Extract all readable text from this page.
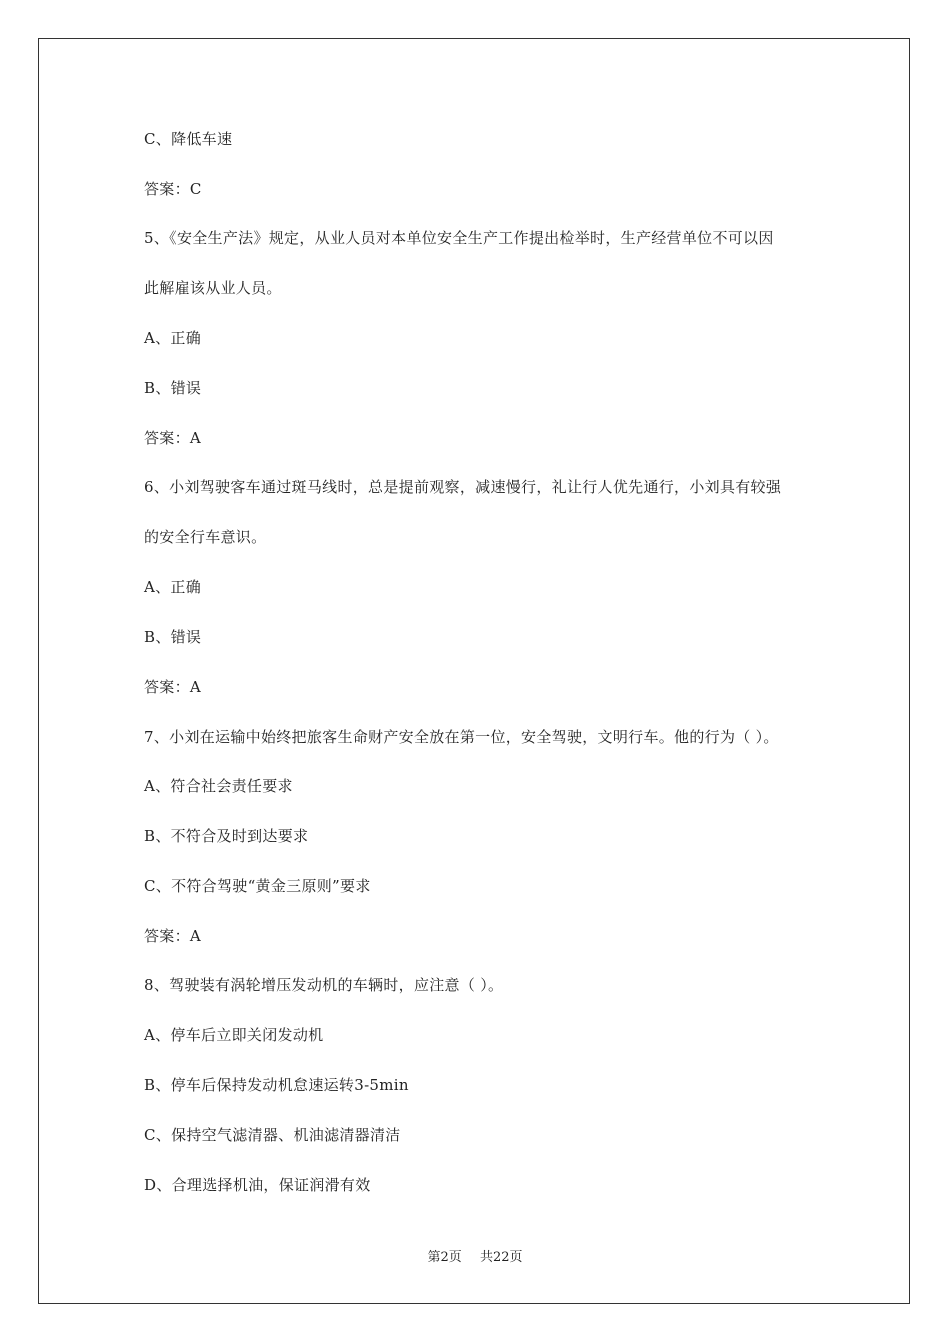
C、降低车速
答案：C
5、《安全生产法》规定，从业人员对本单位安全生产工作提出检举时，生产经营单位不可以因
此解雇该从业人员。
A、正确
B、错误
答案：A
6、小刘驾驶客车通过斑马线时，总是提前观察，减速慢行，礼让行人优先通行，小刘具有较强
的安全行车意识。
A、正确
B、错误
答案：A
7、小刘在运输中始终把旅客生命财产安全放在第一位，安全驾驶，文明行车。他的行为（ ）。
A、符合社会责任要求
B、不符合及时到达要求
C、不符合驾驶“黄金三原则”要求
答案：A
8、驾驶装有涡轮增压发动机的车辆时，应注意（ ）。
A、停车后立即关闭发动机
B、停车后保持发动机怠速运转3-5min
C、保持空气滤清器、机油滤清器清洁
D、合理选择机油，保证润滑有效
第2页 共22页
